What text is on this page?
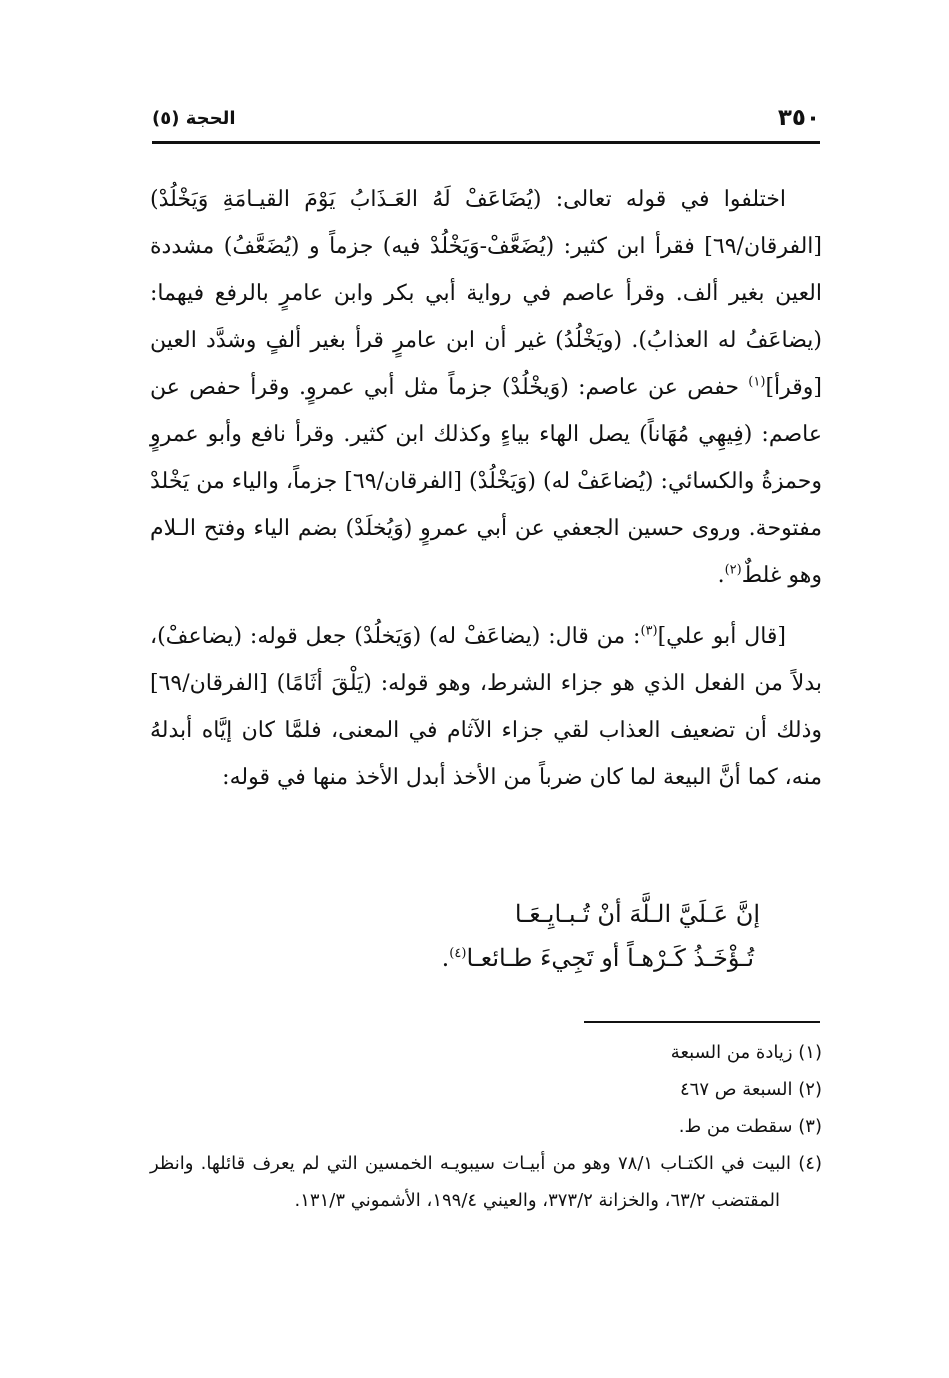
٣٥٠
الحجة (٥)

اختلفوا في قوله تعالى: (يُضَاعَفْ لَهُ العَـذَابُ يَوْمَ القيـامَةِ وَيَخْلُدْ) [الفرقان/٦٩] فقرأ ابن كثير: (يُضَعَّفْ-وَيَخْلُدْ فيه) جزماً و (يُضَعَّفُ) مشددة العين بغير ألف. وقرأ عاصم في رواية أبي بكر وابن عامرٍ بالرفع فيهما: (يضاعَفُ له العذابُ). (ويَخْلُدُ) غير أن ابن عامرٍ قرأ بغير ألفٍ وشدَّد العين [وقرأ]$^{(١)}$ حفص عن عاصم: (وَيخْلُدْ) جزماً مثل أبي عمروٍ. وقرأ حفص عن عاصم: (فِيهِي مُهَاناً) يصل الهاء بياءٍ وكذلك ابن كثير. وقرأ نافع وأبو عمروٍ وحمزةُ والكسائي: (يُضاعَفْ له) (وَيَخْلُدْ) [الفرقان/٦٩] جزماً، والياء من يَخْلدْ مفتوحة. وروى حسين الجعفي عن أبي عمروٍ (وَيُخلَدْ) بضم الياء وفتح الـلام وهو غلطٌ$^{(٢)}$.

[قال أبو علي]$^{(٣)}$: من قال: (يضاعَفْ له) (وَيَخلُدْ) جعل قوله: (يضاعفْ)، بدلاً من الفعل الذي هو جزاء الشرط، وهو قوله: (يَلْقَ أثَامًا) [الفرقان/٦٩] وذلك أن تضعيف العذاب لقي جزاء الآثام في المعنى، فلمَّا كان إيَّاه أبدلهُ منه، كما أنَّ البيعة لما كان ضرباً من الأخذ أبدل الأخذ منها في قوله:

إنَّ عَـلَيَّ الـلَّهَ أنْ تُـبـايِـعَـا
تُـؤْخَـذُ كَـرْهـاً أو تَجِيءَ طـائعـا$^{(٤)}$.

(١) زيادة من السبعة

(٢) السبعة ص ٤٦٧

(٣) سقطت من ط.

(٤) البيت في الكتـاب ٧٨/١ وهو من أبيـات سيبويـه الخمسين التي لم يعرف قائلها. وانظر المقتضب ٦٣/٢، والخزانة ٣٧٣/٢، والعيني ١٩٩/٤، الأشموني ١٣١/٣.
